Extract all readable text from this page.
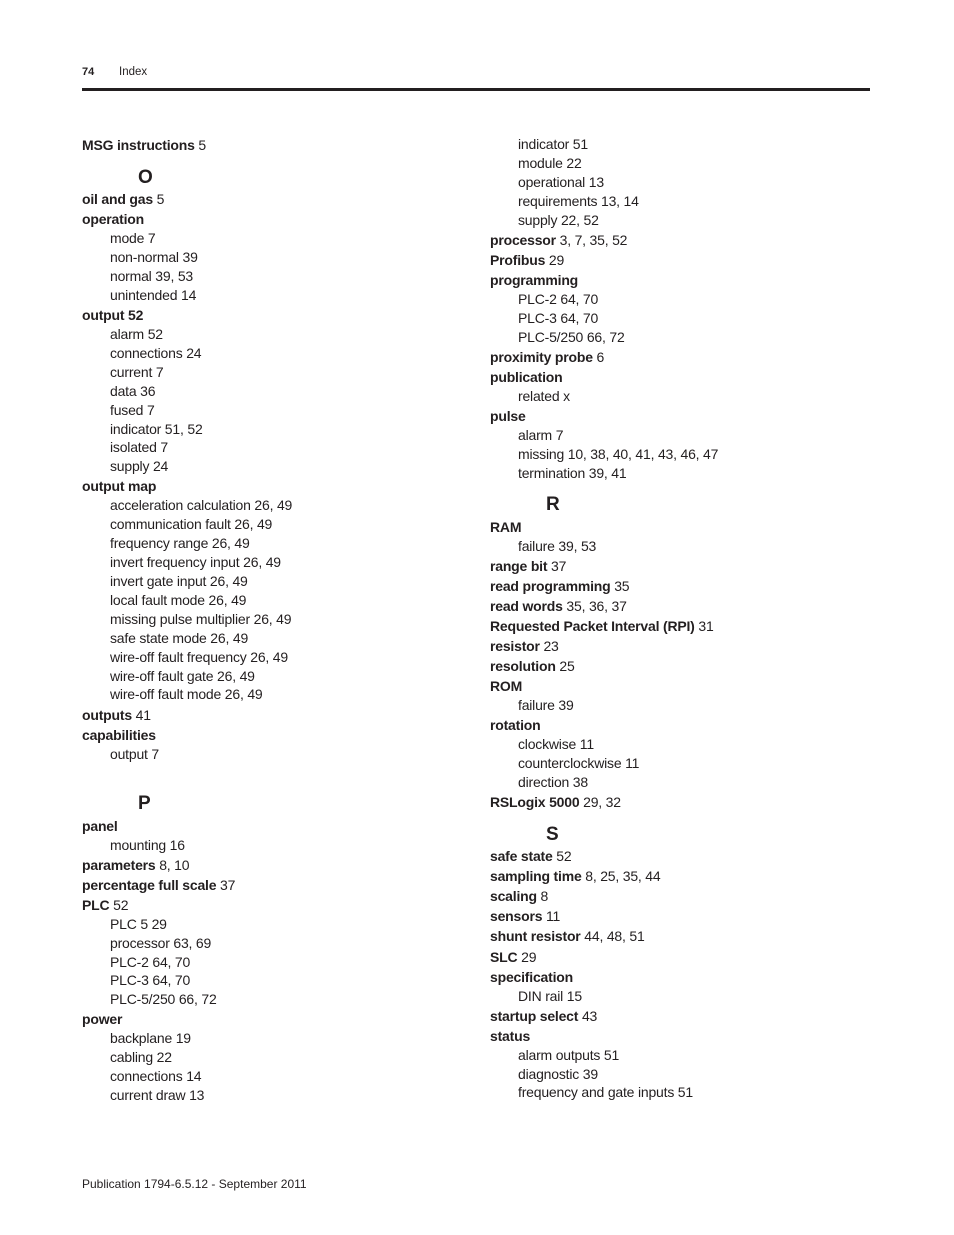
74 Index
MSG instructions 5
O
oil and gas 5
operation
mode 7
non-normal 39
normal 39, 53
unintended 14
output 52
alarm 52
connections 24
current 7
data 36
fused 7
indicator 51, 52
isolated 7
supply 24
output map
acceleration calculation 26, 49
communication fault 26, 49
frequency range 26, 49
invert frequency input 26, 49
invert gate input 26, 49
local fault mode 26, 49
missing pulse multiplier 26, 49
safe state mode 26, 49
wire-off fault frequency 26, 49
wire-off fault gate 26, 49
wire-off fault mode 26, 49
outputs 41
capabilities
output 7
P
panel
mounting 16
parameters 8, 10
percentage full scale 37
PLC 52
PLC 5 29
processor 63, 69
PLC-2 64, 70
PLC-3 64, 70
PLC-5/250 66, 72
power
backplane 19
cabling 22
connections 14
current draw 13
indicator 51
module 22
operational 13
requirements 13, 14
supply 22, 52
processor 3, 7, 35, 52
Profibus 29
programming
PLC-2 64, 70
PLC-3 64, 70
PLC-5/250 66, 72
proximity probe 6
publication
related x
pulse
alarm 7
missing 10, 38, 40, 41, 43, 46, 47
termination 39, 41
R
RAM
failure 39, 53
range bit 37
read programming 35
read words 35, 36, 37
Requested Packet Interval (RPI) 31
resistor 23
resolution 25
ROM
failure 39
rotation
clockwise 11
counterclockwise 11
direction 38
RSLogix 5000 29, 32
S
safe state 52
sampling time 8, 25, 35, 44
scaling 8
sensors 11
shunt resistor 44, 48, 51
SLC 29
specification
DIN rail 15
startup select 43
status
alarm outputs 51
diagnostic 39
frequency and gate inputs 51
Publication 1794-6.5.12 - September 2011
